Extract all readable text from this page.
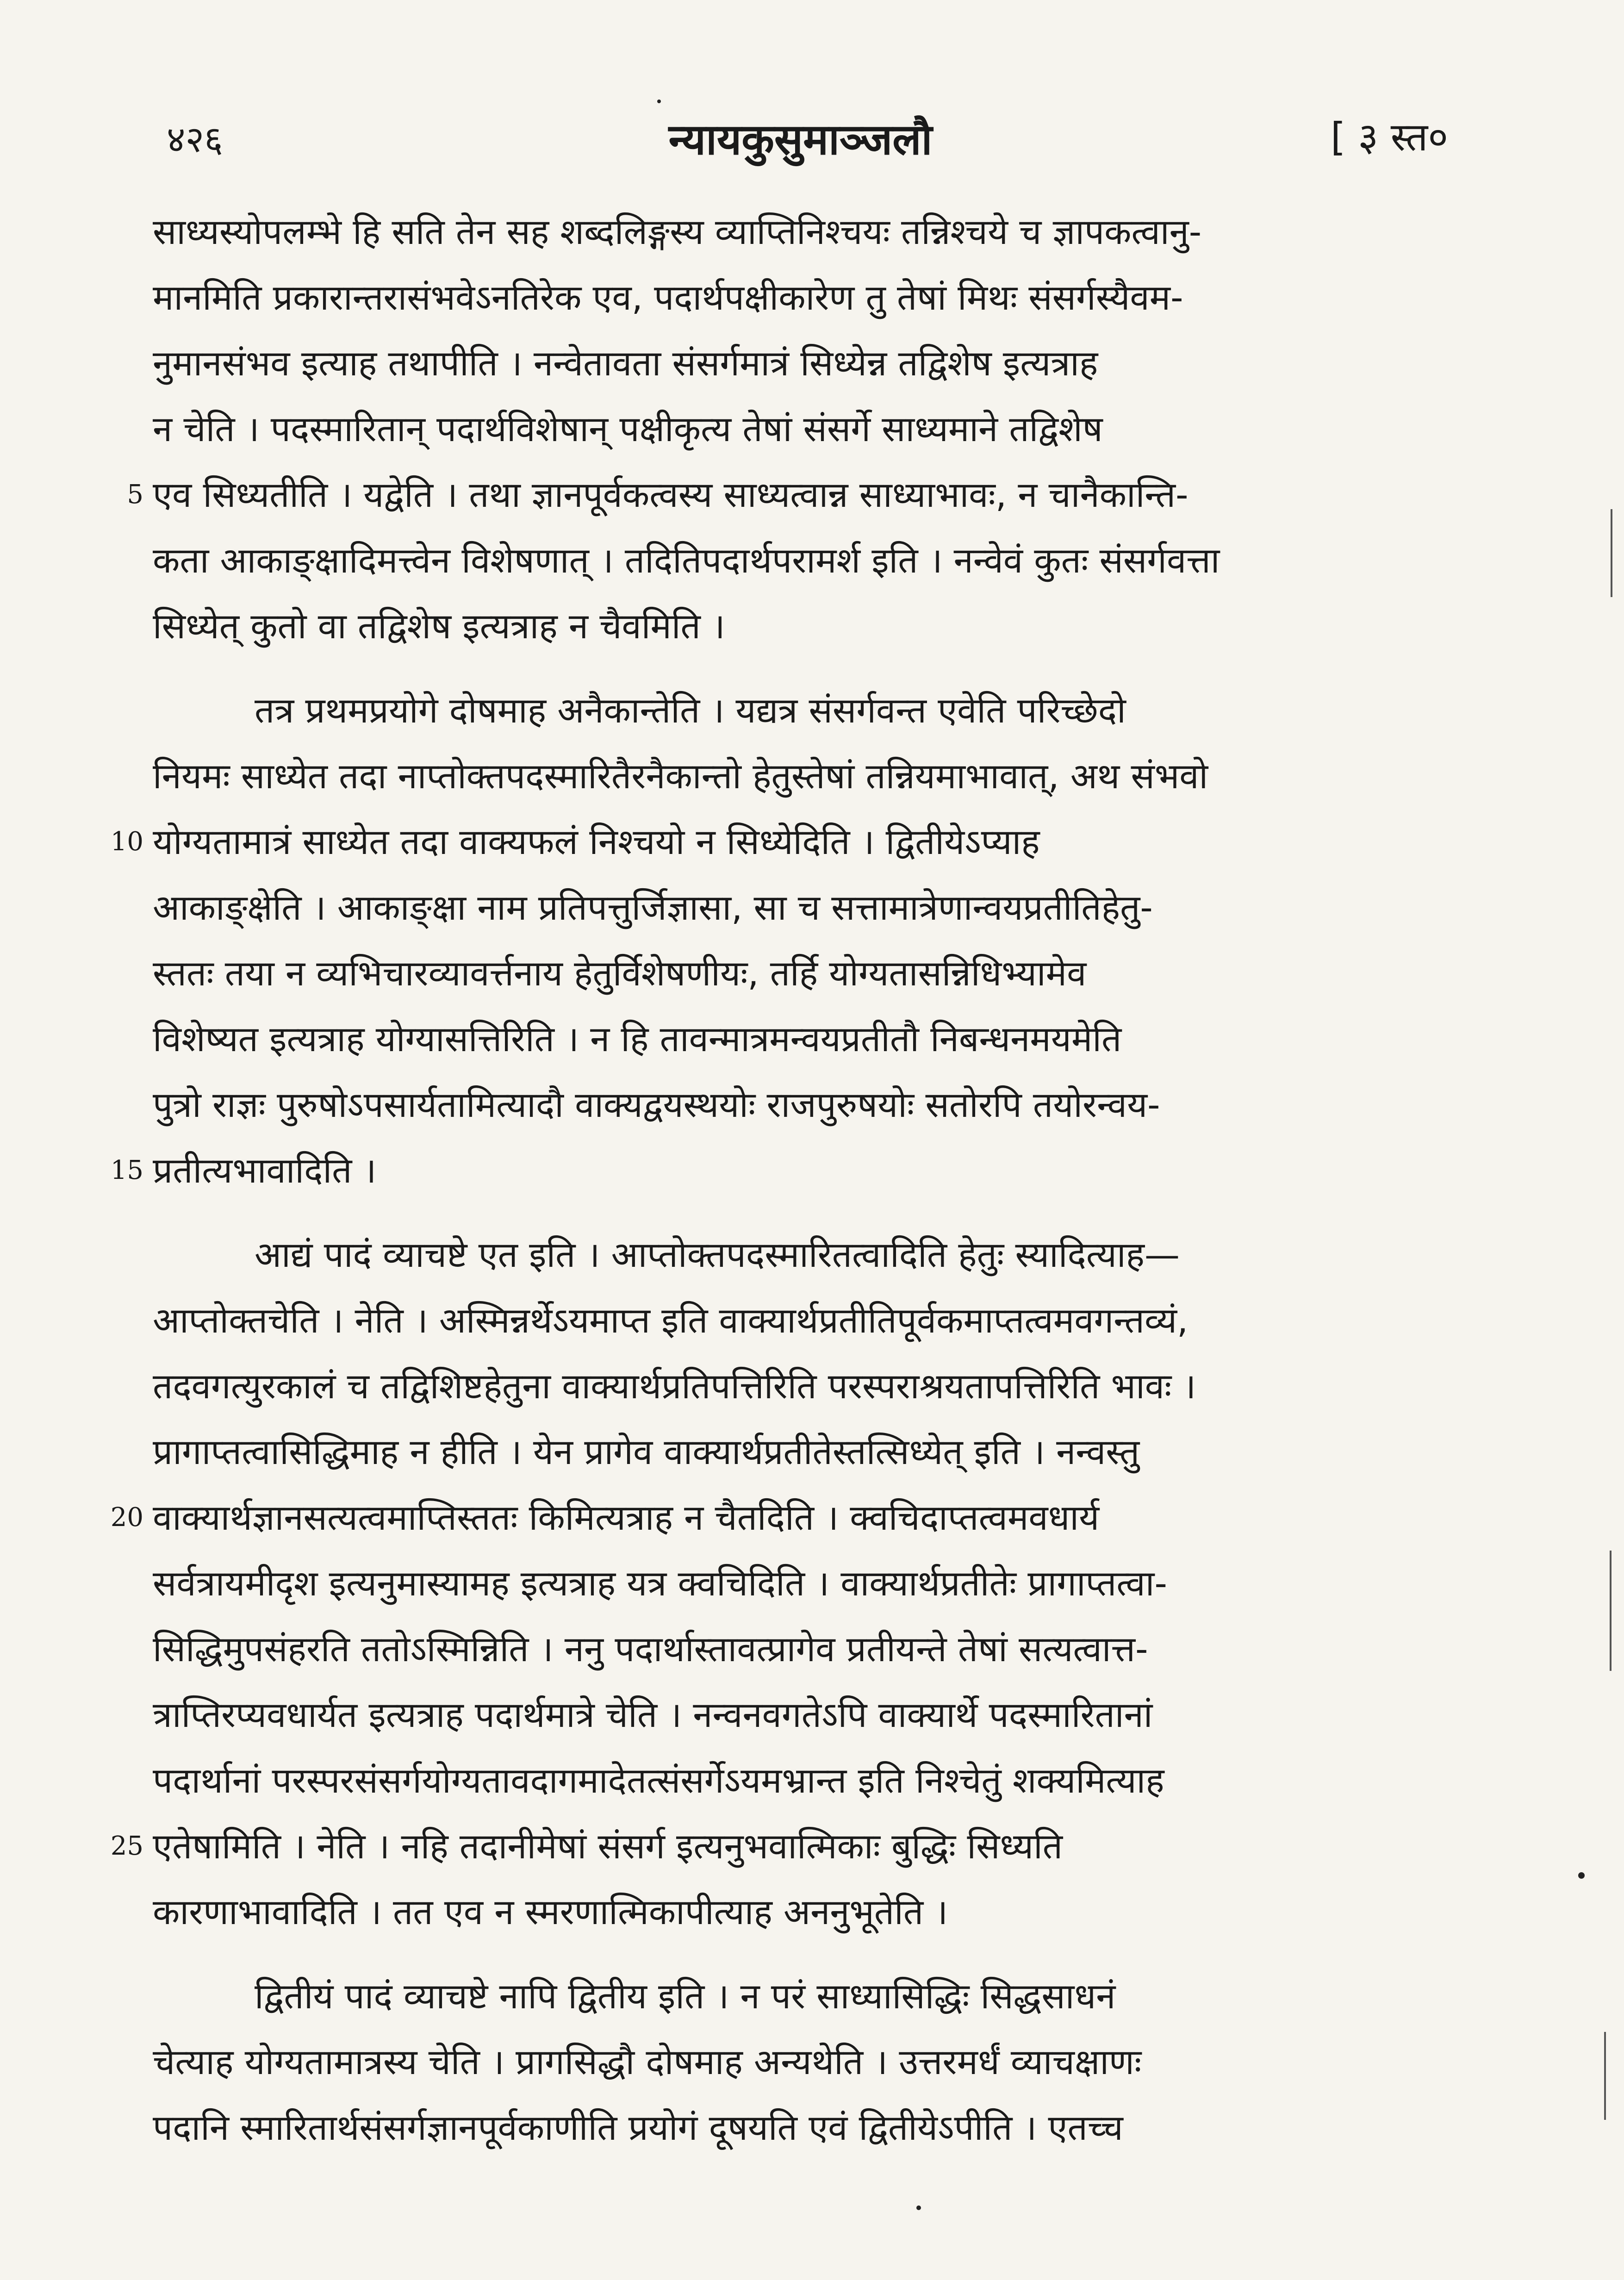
४२६	न्यायकुसुमाञ्जलौ	[ ३ स्त०
साध्यस्योपलम्भे हि सति तेन सह शब्दलिङ्गस्य व्याप्तिनिश्चयः तन्निश्चये च ज्ञापकत्वानु-
मानमिति प्रकारान्तरासंभवेऽनतिरेक एव, पदार्थपक्षीकारेण तु तेषां मिथः संसर्गस्यैवम-
नुमानसंभव इत्याह तथापीति । नन्वेतावता संसर्गमात्रं सिध्येन्न तद्विशेष इत्यत्राह
न चेति । पदस्मारितान् पदार्थविशेषान् पक्षीकृत्य तेषां संसर्गे साध्यमाने तद्विशेष
5 एव सिध्यतीति । यद्वेति । तथा ज्ञानपूर्वकत्वस्य साध्यत्वान्न साध्याभावः, न चानैकान्ति-
कता आकाङ्क्षादिमत्त्वेन विशेषणात् । तदितिपदार्थपरामर्श इति । नन्वेवं कुतः संसर्गवत्ता
सिध्येत् कुतो वा तद्विशेष इत्यत्राह न चैवमिति ।
तत्र प्रथमप्रयोगे दोषमाह अनैकान्तेति । यद्यत्र संसर्गवन्त एवेति परिच्छेदो
नियमः साध्येत तदा नाप्तोक्तपदस्मारितैरनैकान्तो हेतुस्तेषां तन्नियमाभावात्, अथ संभवो
10 योग्यतामात्रं साध्येत तदा वाक्यफलं निश्चयो न सिध्येदिति । द्वितीयेऽप्याह
आकाङ्क्षेति । आकाङ्क्षा नाम प्रतिपत्तुर्जिज्ञासा, सा च सत्तामात्रेणान्वयप्रतीतिहेतु-
स्ततः तया न व्यभिचारव्यावर्त्तनाय हेतुर्विशेषणीयः, तर्हि योग्यतासन्निधिभ्यामेव
विशेष्यत इत्यत्राह योग्यासत्तिरिति । न हि तावन्मात्रमन्वयप्रतीतौ निबन्धनमयमेति
पुत्रो राज्ञः पुरुषोऽपसार्यतामित्यादौ वाक्यद्वयस्थयोः राजपुरुषयोः सतोरपि तयोरन्वय-
15 प्रतीत्यभावादिति ।
आद्यं पादं व्याचष्टे एत इति । आप्तोक्तपदस्मारितत्वादिति हेतुः स्यादित्याह—
आप्तोक्तचेति । नेति । अस्मिन्नर्थेऽयमाप्त इति वाक्यार्थप्रतीतिपूर्वकमाप्तत्वमवगन्तव्यं,
तदवगत्युरकालं च तद्विशिष्टहेतुना वाक्यार्थप्रतिपत्तिरिति परस्पराश्रयतापत्तिरिति भावः ।
प्रागाप्तत्वासिद्धिमाह न हीति । येन प्रागेव वाक्यार्थप्रतीतेस्तत्सिध्येत् इति । नन्वस्तु
20 वाक्यार्थज्ञानसत्यत्वमाप्तिस्ततः किमित्यत्राह न चैतदिति । क्वचिदाप्तत्वमवधार्य
सर्वत्रायमीदृश इत्यनुमास्यामह इत्यत्राह यत्र क्वचिदिति । वाक्यार्थप्रतीतेः प्रागाप्तत्वा-
सिद्धिमुपसंहरति ततोऽस्मिन्निति । ननु पदार्थास्तावत्प्रागेव प्रतीयन्ते तेषां सत्यत्वात्त-
त्राप्तिरप्यवधार्यत इत्यत्राह पदार्थमात्रे चेति । नन्वनवगतेऽपि वाक्यार्थे पदस्मारितानां
पदार्थानां परस्परसंसर्गयोग्यतावदागमादेतत्संसर्गेऽयमभ्रान्त इति निश्चेतुं शक्यमित्याह
25 एतेषामिति । नेति । नहि तदानीमेषां संसर्ग इत्यनुभवात्मिकाः बुद्धिः सिध्यति
कारणाभावादिति । तत एव न स्मरणात्मिकापीत्याह अननुभूतेति ।
द्वितीयं पादं व्याचष्टे नापि द्वितीय इति । न परं साध्यासिद्धिः सिद्धसाधनं
चेत्याह योग्यतामात्रस्य चेति । प्रागसिद्धौ दोषमाह अन्यथेति । उत्तरमर्धं व्याचक्षाणः
पदानि स्मारितार्थसंसर्गज्ञानपूर्वकाणीति प्रयोगं दूषयति एवं द्वितीयेऽपीति । एतच्च
